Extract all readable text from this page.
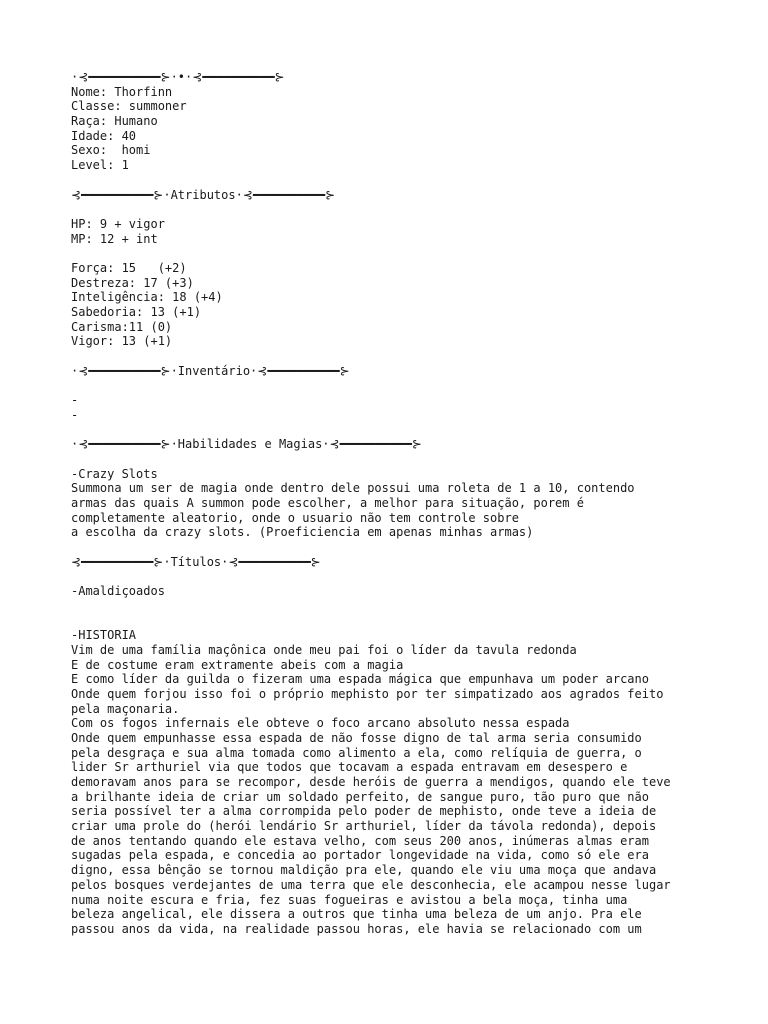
·⊰━━━━━━━━━━⊱·•·⊰━━━━━━━━━━⊱
Nome: Thorfinn
Classe: summoner
Raça: Humano
Idade: 40
Sexo:  homi
Level: 1
⊰━━━━━━━━━━⊱·Atributos·⊰━━━━━━━━━━⊱
HP: 9 + vigor
MP: 12 + int
Força: 15   (+2)
Destreza: 17 (+3)
Inteligência: 18 (+4)
Sabedoria: 13 (+1)
Carisma:11 (0)
Vigor: 13 (+1)
·⊰━━━━━━━━━━⊱·Inventário·⊰━━━━━━━━━━⊱
-
-
·⊰━━━━━━━━━━⊱·Habilidades e Magias·⊰━━━━━━━━━━⊱
-Crazy Slots
Summona um ser de magia onde dentro dele possui uma roleta de 1 a 10, contendo
armas das quais A summon pode escolher, a melhor para situação, porem é
completamente aleatorio, onde o usuario não tem controle sobre
a escolha da crazy slots. (Proeficiencia em apenas minhas armas)
⊰━━━━━━━━━━⊱·Títulos·⊰━━━━━━━━━━⊱
-Amaldiçoados
-HISTORIA
Vim de uma família maçônica onde meu pai foi o líder da tavula redonda
E de costume eram extramente abeis com a magia
E como líder da guilda o fizeram uma espada mágica que empunhava um poder arcano
Onde quem forjou isso foi o próprio mephisto por ter simpatizado aos agrados feito
pela maçonaria.
Com os fogos infernais ele obteve o foco arcano absoluto nessa espada
Onde quem empunhasse essa espada de não fosse digno de tal arma seria consumido
pela desgraça e sua alma tomada como alimento a ela, como relíquia de guerra, o
lider Sr arthuriel via que todos que tocavam a espada entravam em desespero e
demoravam anos para se recompor, desde heróis de guerra a mendigos, quando ele teve
a brilhante ideia de criar um soldado perfeito, de sangue puro, tão puro que não
seria possível ter a alma corrompida pelo poder de mephisto, onde teve a ideia de
criar uma prole do (herói lendário Sr arthuriel, líder da távola redonda), depois
de anos tentando quando ele estava velho, com seus 200 anos, inúmeras almas eram
sugadas pela espada, e concedia ao portador longevidade na vida, como só ele era
digno, essa bênção se tornou maldição pra ele, quando ele viu uma moça que andava
pelos bosques verdejantes de uma terra que ele desconhecia, ele acampou nesse lugar
numa noite escura e fria, fez suas fogueiras e avistou a bela moça, tinha uma
beleza angelical, ele dissera a outros que tinha uma beleza de um anjo. Pra ele
passou anos da vida, na realidade passou horas, ele havia se relacionado com um
